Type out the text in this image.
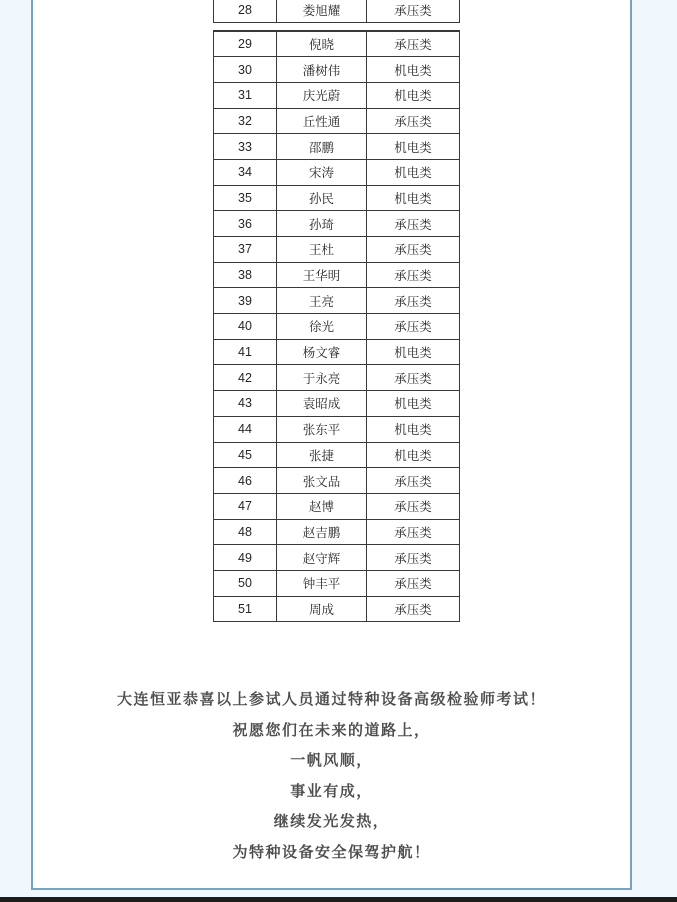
28	娄旭耀	承压类
29	倪晓	承压类
30	潘树伟	机电类
31	庆光蔚	机电类
32	丘性通	承压类
33	邵鹏	机电类
34	宋涛	机电类
35	孙民	机电类
36	孙琦	承压类
37	王杜	承压类
38	王华明	承压类
39	王亮	承压类
40	徐光	承压类
41	杨文睿	机电类
42	于永亮	承压类
43	袁昭成	机电类
44	张东平	机电类
45	张捷	机电类
46	张文品	承压类
47	赵博	承压类
48	赵吉鹏	承压类
49	赵守辉	承压类
50	钟丰平	承压类
51	周成	承压类
大连恒亚恭喜以上参试人员通过特种设备高级检验师考试！
祝愿您们在未来的道路上，
一帆风顺，
事业有成，
继续发光发热，
为特种设备安全保驾护航！
